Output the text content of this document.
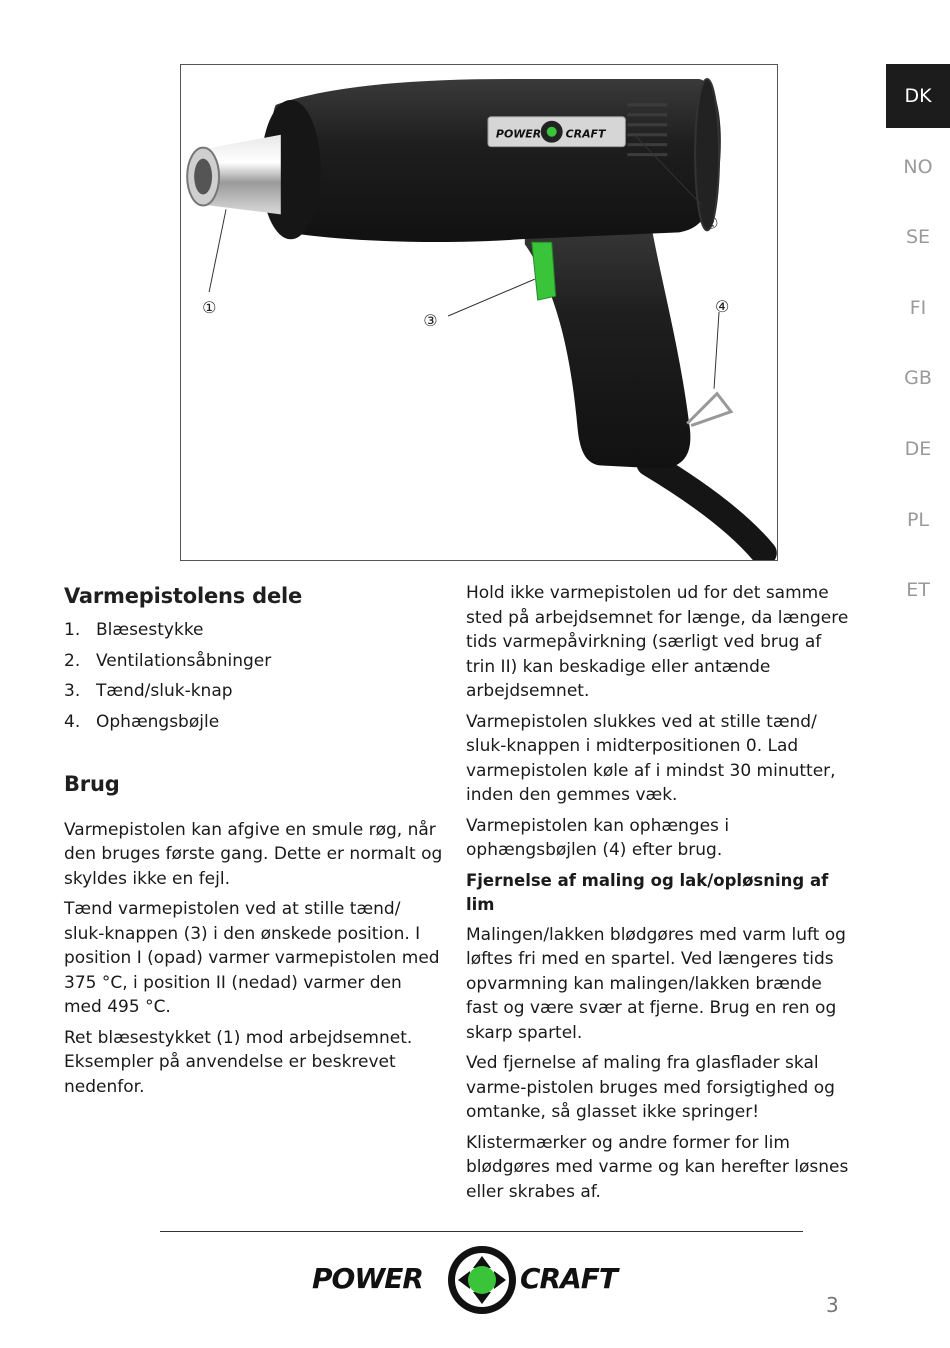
POWER CRAFT
①
②
③
④
DK
NO
SE
FI
GB
DE
PL
ET
Varmepistolens dele
1. Blæsestykke
2. Ventilationsåbninger
3. Tænd/sluk-knap
4. Ophængsbøjle
Brug

Varmepistolen kan afgive en smule røg, når den bruges første gang. Dette er normalt og skyldes ikke en fejl.

Tænd varmepistolen ved at stille tænd/ sluk-knappen (3) i den ønskede position. I position I (opad) varmer varmepistolen med 375 °C, i position II (nedad) varmer den med 495 °C.

Ret blæsestykket (1) mod arbejdsemnet. Eksempler på anvendelse er beskrevet nedenfor.

Hold ikke varmepistolen ud for det samme sted på arbejdsemnet for længe, da længere tids varmepåvirkning (særligt ved brug af trin II) kan beskadige eller antænde arbejdsemnet.

Varmepistolen slukkes ved at stille tænd/ sluk-knappen i midterpositionen 0. Lad varmepistolen køle af i mindst 30 minutter, inden den gemmes væk.

Varmepistolen kan ophænges i ophængsbøjlen (4) efter brug.

Fjernelse af maling og lak/opløsning af lim

Malingen/lakken blødgøres med varm luft og løftes fri med en spartel. Ved længeres tids opvarmning kan malingen/lakken brænde fast og være svær at fjerne. Brug en ren og skarp spartel.

Ved fjernelse af maling fra glasflader skal varme-pistolen bruges med forsigtighed og omtanke, så glasset ikke springer!

Klistermærker og andre former for lim blødgøres med varme og kan herefter løsnes eller skrabes af.

POWER	CRAFT
3
